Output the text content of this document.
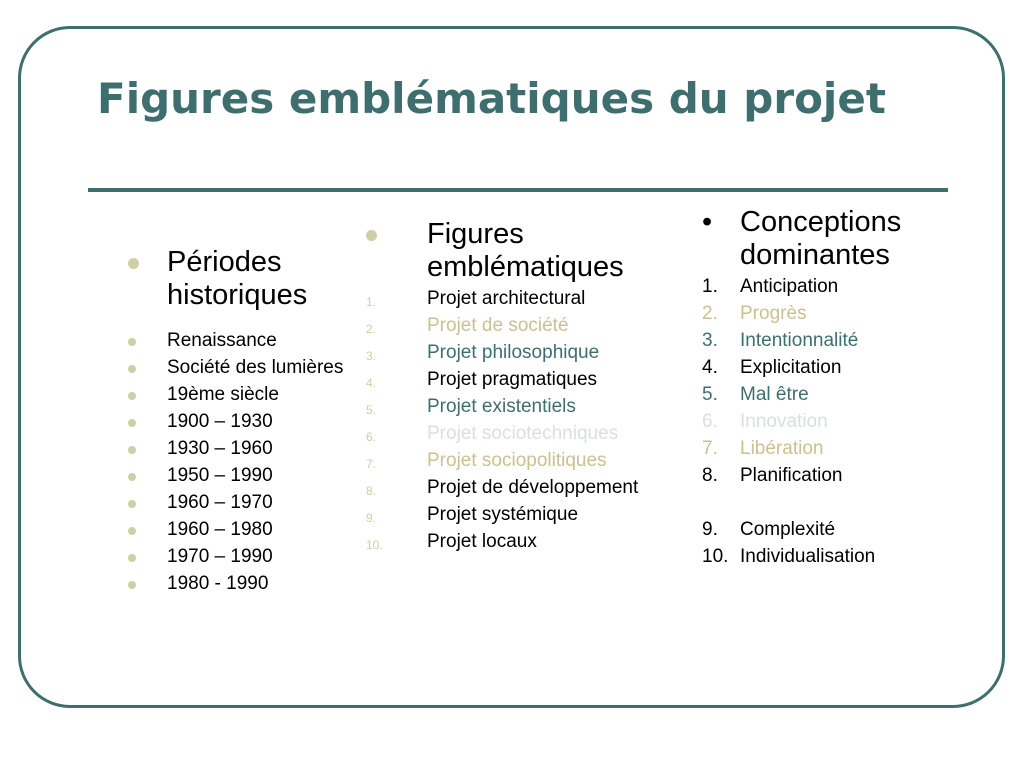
Figures emblématiques du projet
Périodes historiques
Renaissance
Société des lumières
19ème siècle
1900 – 1930
1930 – 1960
1950 – 1990
1960 – 1970
1960 – 1980
1970 – 1990
1980 - 1990
Figures emblématiques
1.	Projet architectural
2.	Projet de société
3.	Projet philosophique
4.	Projet pragmatiques
5.	Projet existentiels
6.	Projet sociotechniques
7.	Projet sociopolitiques
8.	Projet de développement
9.	Projet systémique
10. Projet locaux
• Conceptions dominantes
1. Anticipation
2. Progrès
3. Intentionnalité
4. Explicitation
5. Mal être
6. Innovation
7. Libération
8. Planification
9. Complexité
10. Individualisation
